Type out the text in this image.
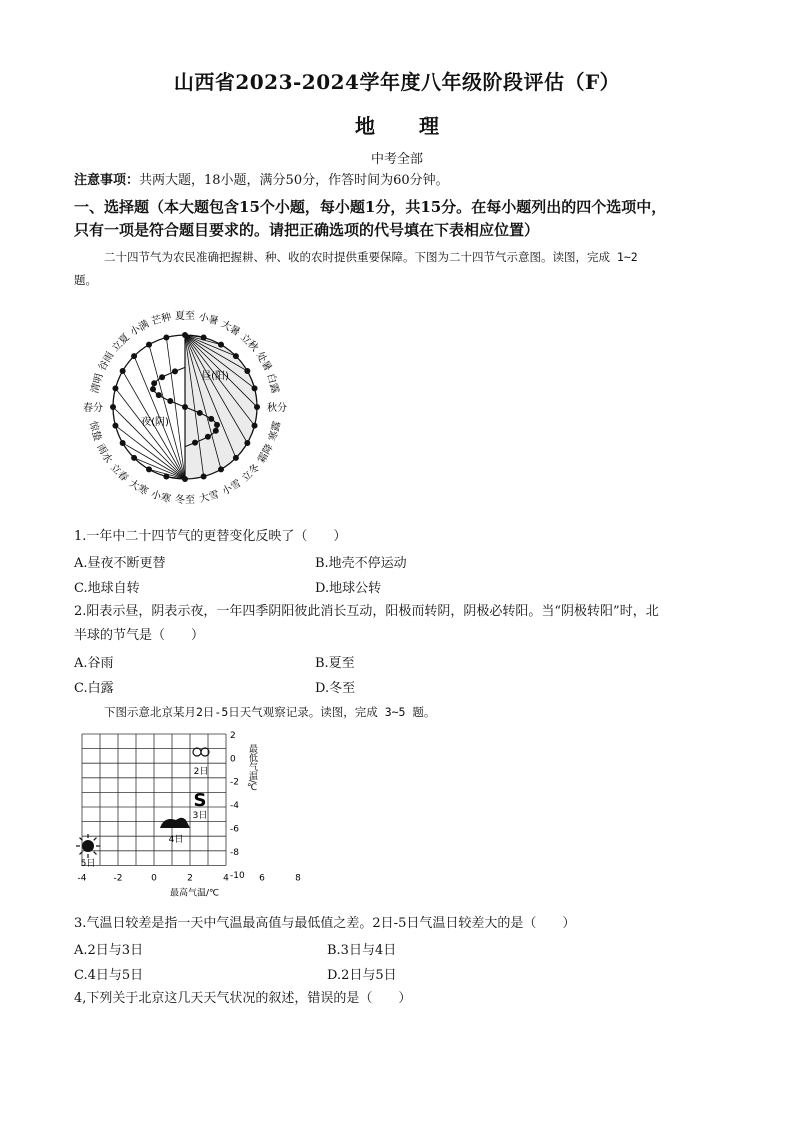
山西省2023-2024学年度八年级阶段评估（F）
地 理
中考全部
注意事项：共两大题，18小题，满分50分，作答时间为60分钟。
一、选择题（本大题包含15个小题，每小题1分，共15分。在每小题列出的四个选项中，
只有一项是符合题目要求的。请把正确选项的代号填在下表相应位置）
二十四节气为农民准确把握耕、种、收的农时提供重要保障。下图为二十四节气示意图。读图，完成 1~2
题。
昼(阳)
夜(阴)
夏至 小暑 大暑
立秋
处暑
白露
秋分
寒露
霜降
立冬
小雪
大雪
冬至
小寒
大寒
立春
雨水
惊蛰
春分
清明
谷雨
立夏
小满 芒种
1.一年中二十四节气的更替变化反映了（　　）
A.昼夜不断更替	B.地壳不停运动
C.地球自转	D.地球公转
2.阳表示昼，阴表示夜，一年四季阴阳彼此消长互动，阳极而转阴，阴极必转阳。当“阴极转阳”时，北
半球的节气是（　　）
A.谷雨	B.夏至
C.白露	D.冬至
下图示意北京某月2日-5日天气观察记录。读图，完成 3~5 题。
-4	-2	0	2	4	6	8
2
0
-2
-4
-6
-8
-10
最低气温/℃
最高气温/℃
2日
S
3日
4日
5日
3.气温日较差是指一天中气温最高值与最低值之差。2日-5日气温日较差大的是（　　）
A.2日与3日	B.3日与4日
C.4日与5日	D.2日与5日
4,下列关于北京这几天天气状况的叙述，错误的是（　　）
